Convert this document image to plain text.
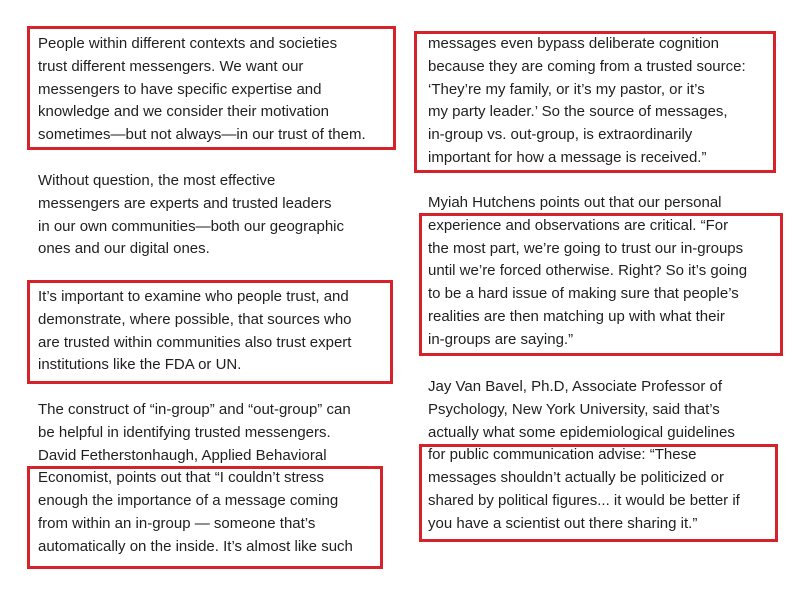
People within different contexts and societies
trust different messengers. We want our
messengers to have specific expertise and
knowledge and we consider their motivation
sometimes—but not always—in our trust of them.
Without question, the most effective
messengers are experts and trusted leaders
in our own communities—both our geographic
ones and our digital ones.
It’s important to examine who people trust, and
demonstrate, where possible, that sources who
are trusted within communities also trust expert
institutions like the FDA or UN.
The construct of “in-group” and “out-group” can
be helpful in identifying trusted messengers.
David Fetherstonhaugh, Applied Behavioral
Economist, points out that “I couldn’t stress
enough the importance of a message coming
from within an in-group — someone that’s
automatically on the inside. It’s almost like such
messages even bypass deliberate cognition
because they are coming from a trusted source:
‘They’re my family, or it’s my pastor, or it’s
my party leader.’ So the source of messages,
in-group vs. out-group, is extraordinarily
important for how a message is received.”
Myiah Hutchens points out that our personal
experience and observations are critical. “For
the most part, we’re going to trust our in-groups
until we’re forced otherwise. Right? So it’s going
to be a hard issue of making sure that people’s
realities are then matching up with what their
in-groups are saying.”
Jay Van Bavel, Ph.D, Associate Professor of
Psychology, New York University, said that’s
actually what some epidemiological guidelines
for public communication advise: “These
messages shouldn’t actually be politicized or
shared by political figures... it would be better if
you have a scientist out there sharing it.”
